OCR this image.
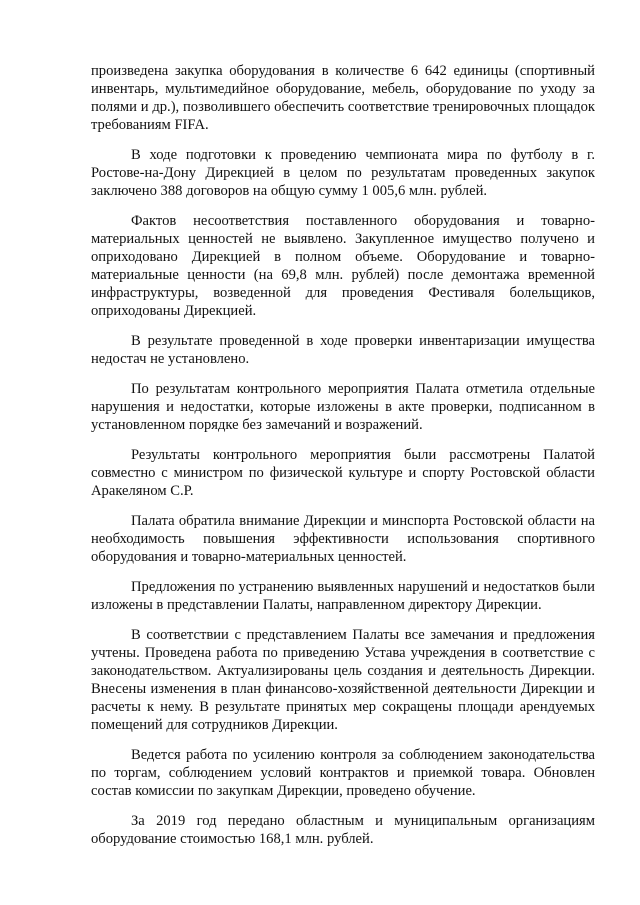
произведена закупка оборудования в количестве 6 642 единицы (спортивный инвентарь, мультимедийное оборудование, мебель, оборудование по уходу за полями и др.), позволившего обеспечить соответствие тренировочных площадок требованиям FIFA.

В ходе подготовки к проведению чемпионата мира по футболу в г. Ростове-на-Дону Дирекцией в целом по результатам проведенных закупок заключено 388 договоров на общую сумму 1 005,6 млн. рублей.

Фактов несоответствия поставленного оборудования и товарно-материальных ценностей не выявлено. Закупленное имущество получено и оприходовано Дирекцией в полном объеме. Оборудование и товарно-материальные ценности (на 69,8 млн. рублей) после демонтажа временной инфраструктуры, возведенной для проведения Фестиваля болельщиков, оприходованы Дирекцией.

В результате проведенной в ходе проверки инвентаризации имущества недостач не установлено.

По результатам контрольного мероприятия Палата отметила отдельные нарушения и недостатки, которые изложены в акте проверки, подписанном в установленном порядке без замечаний и возражений.

Результаты контрольного мероприятия были рассмотрены Палатой совместно с министром по физической культуре и спорту Ростовской области Аракеляном С.Р.

Палата обратила внимание Дирекции и минспорта Ростовской области на необходимость повышения эффективности использования спортивного оборудования и товарно-материальных ценностей.

Предложения по устранению выявленных нарушений и недостатков были изложены в представлении Палаты, направленном директору Дирекции.

В соответствии с представлением Палаты все замечания и предложения учтены. Проведена работа по приведению Устава учреждения в соответствие с законодательством. Актуализированы цель создания и деятельность Дирекции. Внесены изменения в план финансово-хозяйственной деятельности Дирекции и расчеты к нему. В результате принятых мер сокращены площади арендуемых помещений для сотрудников Дирекции.

Ведется работа по усилению контроля за соблюдением законодательства по торгам, соблюдением условий контрактов и приемкой товара. Обновлен состав комиссии по закупкам Дирекции, проведено обучение.

За 2019 год передано областным и муниципальным организациям оборудование стоимостью 168,1 млн. рублей.
